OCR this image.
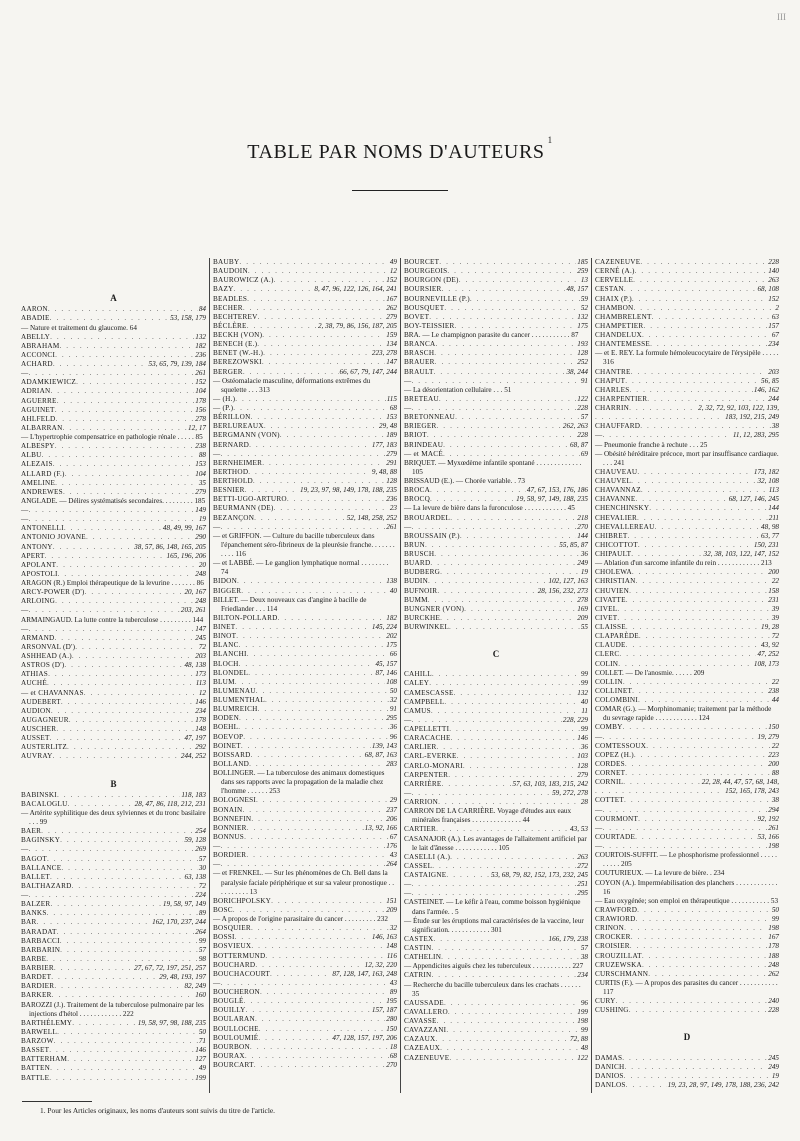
III
TABLE PAR NOMS D'AUTEURS$^1$
A
AARON . . .	84
ABADIE . . .	53, 158, 179
— Nature et traitement du glaucome. 64
ABELLY . . .	132
ABRAHAM . . .	182
ACCONCI . . .	236
ACHARD . . .	53, 65, 79, 139, 184
— . . .	261
ADAMKIEWICZ . . .	152
ADRIAN . . .	104
AGUERRE . . .	178
AGUINET . . .	156
AHLFELD . . .	278
ALBARRAN . . .	12, 17
— L'hypertrophie compensatrice en pathologie rénale . . . . . 85
ALBESPY . . .	238
ALBU . . .	88
ALEZAIS . . .	153
ALLARD (F.) . . .	104
AMELINE . . .	35
ANDREWES . . .	279
ANGLADE. — Délires systématisés secondaires. . . . . . . . . 185
— . . .	149
— . . .	19
ANTONELLI . . .	48, 49, 99, 167
ANTONIO JOVANE . . .	290
ANTONY . . .	38, 57, 86, 148, 165, 205
APERT . . .	165, 196, 206
APOLANT . . .	20
APOSTOLI . . .	248
ARAGON (R.) Emploi thérapeutique de la levurine . . . . . . . 86
ARCY-POWER (D') . . .	20, 167
ARLOING . . .	248
— . . .	203, 261
ARMAINGAUD. La lutte contre la tuberculose . . . . . . . . . 144
— . . .	147
ARMAND . . .	245
ARSONVAL (D') . . .	72
ASHHEAD (A.) . . .	203
ASTROS (D') . . .	48, 138
ATHIAS . . .	173
AUCHÉ . . .	113
— et CHAVANNAS . . .	12
AUDEBERT . . .	146
AUDION . . .	234
AUGAGNEUR . . .	178
AUSCHER . . .	148
AUSSET . . .	47, 197
AUSTERLITZ . . .	292
AUVRAY . . .	244, 252
B
BABINSKI . . .	118, 183
BACALOGLU . . .	28, 47, 86, 118, 212, 231
— Artérite syphilitique des deux sylviennes et du tronc basilaire . . . 99
BAER . . .	254
BAGINSKY . . .	59, 128
— . . .	269
BAGOT . . .	57
BALLANCE . . .	30
BALLET . . .	63, 138
BALTHAZARD . . .	72
— . . .	224
BALZER . . .	19, 58, 97, 149
BANKS . . .	89
BAR . . .	162, 170, 237, 244
BARADAT . . .	264
BARBACCI . . .	99
BARBARIN . . .	57
BARBE . . .	98
BARBIER . . .	27, 67, 72, 197, 251, 257
BARDET . . .	29, 48, 193, 197
BARDIER . . .	82, 249
BARKER . . .	160
BAROZZI (J.). Traitement de la tuberculose pulmonaire par les injections d'hétol . . . . . . . . . . . . 222
BARTHÉLEMY . . .	19, 58, 97, 98, 188, 235
BARWELL . . .	50
BARZOW . . .	71
BASSET . . .	146
BATTERHAM . . .	127
BATTEN . . .	49
BATTLE . . .	199
BAUBY . . .	49
BAUDOIN . . .	12
BAUROWICZ (A.) . . .	152
BAZY . . .	8, 47, 96, 122, 126, 164, 241
BEADLES . . .	167
BECHER . . .	262
BECHTEREV . . .	279
BÉCLÈRE . . .	2, 38, 79, 86, 156, 187, 205
BECKH (VON) . . .	159
BENECH (E.) . . .	134
BENET (W.-H.) . . .	223, 278
BEREZOWSKI . . .	147
BERGER . . .	66, 67, 79, 147, 244
— Ostéomalacie masculine, déformations extrêmes du squelette . . . 313
— (H.) . . .	115
— (P.) . . .	68
BÉRILLON . . .	153
BERLUREAUX . . .	29, 48
BERGMANN (VON) . . .	189
BERNARD . . .	177, 183
— . . .	279
BERNHEIMER . . .	291
BERTHOD . . .	9, 48, 88
BERTHOLD . . .	128
BESNIER . . .	19, 23, 97, 98, 149, 178, 188, 235
BETTI-UGO-ARTURO . . .	236
BEURMANN (DE) . . .	23
BEZANÇON . . .	52, 148, 258, 252
— . . .	261
— et GRIFFON. — Culture du bacille tuberculeux dans l'épanchement séro-fibrineux de la pleurésie franche. . . . . . . . . . . 116
— et LABBÉ. — Le ganglion lymphatique normal . . . . . . . . 74
BIDON . . .	138
BIGGER . . .	40
BILLET. — Deux nouveaux cas d'angine à bacille de Friedlander . . . 114
BILTON-POLLARD . . .	182
BINET . . .	145, 224
BINOT . . .	202
BLANC . . .	175
BLANCHI . . .	66
BLOCH . . .	45, 157
BLONDEL . . .	87, 146
BLUM . . .	108
BLUMENAU . . .	50
BLUMENTHAL . . .	32
BLUMREICH . . .	91
BODEN . . .	295
BOEHL . . .	36
BOEVOP . . .	96
BOINET . . .	139, 143
BOISSARD . . .	68, 87, 163
BOLLAND . . .	283
BOLLINGER. — La tuberculose des animaux domestiques dans ses rapports avec la propagation de la maladie chez l'homme . . . . . . 253
BOLOGNESI . . .	29
BONAIN . . .	237
BONNEFIN . . .	206
BONNIER . . .	13, 92, 166
BONNUS . . .	67
— . . .	176
BORDIER . . .	43
— . . .	264
— et FRENKEL. — Sur les phénomènes de Ch. Bell dans la paralysie faciale périphérique et sur sa valeur pronostique . . . . . . . . . . 13
BORICHPOLSKY . . .	151
BOSC . . .	209
— A propos de l'origine parasitaire du cancer . . . . . . . . . 232
BOSQUIER . . .	32
BOSSI . . .	146, 163
BOSVIEUX . . .	148
BOTTERMUND . . .	116
BOUCHARD . . .	12, 32, 220
BOUCHACOURT . . .	87, 128, 147, 163, 248
— . . .	43
BOUCHERON . . .	89
BOUGLÉ . . .	195
BOUILLY . . .	157, 187
BOULARAN . . .	280
BOULLOCHE . . .	150
BOULOUMIÉ . . .	47, 128, 157, 197, 206
BOURBON . . .	18
BOURAX . . .	68
BOURCART . . .	270
BOURCET . . .	185
BOURGEOIS . . .	259
BOURGON (DE) . . .	13
BOURSIER . . .	48, 157
BOURNEVILLE (P.) . . .	59
BOUSQUET . . .	52
BOVET . . .	132
BOY-TEISSIER . . .	175
BRA. — Le champignon parasite du cancer . . . . . . . . . . . 87
BRANCA . . .	193
BRASCH . . .	128
BRAUER . . .	252
BRAULT . . .	38, 244
— . . .	91
— La désorientation cellulaire . . . 51
BRETEAU . . .	122
— . . .	228
BRETONNEAU . . .	57
BRIEGER . . .	262, 263
BRIOT . . .	228
BRINDEAU . . .	68, 87
— et MACÉ . . .	69
BRIQUET. — Myxœdème infantile spontané . . . . . . . . . . . . . 105
BRISSAUD (E.). — Chorée variable. . 73
BROCA . . .	47, 67, 153, 176, 186
BROCQ . . .	19, 58, 97, 149, 188, 235
— La levure de bière dans la furonculose . . . . . . . . . . . . 45
BROUARDEL . . .	218
— . . .	270
BROUSSAIN (P.) . . .	144
BRUN . . .	55, 85, 87
BRUSCH . . .	36
BUARD . . .	249
BUDBERG . . .	19
BUDIN . . .	102, 127, 163
BUFNOIR . . .	28, 156, 232, 273
BUMM . . .	278
BUNGNER (VON) . . .	169
BURCKHE . . .	209
BURWINKEL . . .	55
C
CAHILL . . .	99
CALEY . . .	99
CAMESCASSE . . .	132
CAMPBELL . . .	40
CAMUS . . .	11
— . . .	228, 229
CAPELLETTI . . .	99
CARACACHE . . .	146
CARLIER . . .	36
CARL-EVERKE . . .	103
CARLO-MONARI . . .	128
CARPENTER . . .	279
CARRIÈRE . . .	57, 63, 103, 183, 215, 242
— . . .	59, 272, 278
CARRION . . .	28
CARRON DE LA CARRIÈRE. Voyage d'études aux eaux minérales françaises . . . . . . . . . . . . . . 44
CARTIER . . .	43, 53
CASANAJOR (A.). Les avantages de l'allaitement artificiel par le lait d'ânesse . . . . . . . . . . . . 105
CASELLI (A.) . . .	263
CASSEL . . .	272
CASTAIGNE . . .	53, 68, 79, 82, 152, 173, 232, 245
— . . .	251
— . . .	295
CASTEINET. — Le kéfir à l'eau, comme boisson hygiénique dans l'armée. . 5
— Étude sur les éruptions mal caractérisées de la vaccine, leur signification. . . . . . . . . . . . 301
CASTEX . . .	166, 179, 238
CASTIN . . .	57
CATHELIN . . .	38
— Appendicites aiguës chez les tuberculeux . . . . . . . . . . . 227
CATRIN . . .	234
— Recherche du bacille tuberculeux dans les crachats . . . . . . 35
CAUSSADE . . .	96
CAVALLERO . . .	199
CAVASSE . . .	198
CAVAZZANI . . .	99
CAZAUX . . .	72, 88
CAZEAUX . . .	48
CAZENEUVE . . .	122
CAZENEUVE . . .	228
CERNÉ (A.) . . .	140
CERVELLE . . .	263
CESTAN . . .	68, 108
CHAIX (P.) . . .	152
CHAMBON . . .	2
CHAMBRELENT . . .	63
CHAMPETIER . . .	157
CHANDELUX . . .	67
CHANTEMESSE . . .	234
— et E. REY. La formule hémoleucocytaire de l'érysipèle . . . . . 316
CHANTRE . . .	203
CHAPUT . . .	56, 85
CHARLES . . .	146, 162
CHARPENTIER . . .	244
CHARRIN . . .	2, 32, 72, 92, 103, 122, 139,
. . .
183, 192, 215, 249
CHAUFFARD . . .	38
— . . .	11, 12, 283, 295
— Pneumonie franche à rechute . . . 25
— Obésité héréditaire précoce, mort par insuffisance cardiaque. . . . 241
CHAUVEAU . . .	173, 182
CHAUVEL . . .	32, 108
CHAVANNAZ . . .	113
CHAVANNE . . .	68, 127, 146, 245
CHENCHINSKY . . .	144
CHEVALIER . . .	211
CHEVALLEREAU . . .	48, 98
CHIBRET . . .	63, 77
CHICOTTOT . . .	150, 231
CHIPAULT . . .	32, 38, 103, 122, 147, 152
— Ablation d'un sarcome infantile du rein . . . . . . . . . . . . 213
CHOLEWA . . .	200
CHRISTIAN . . .	22
CHUVIEN . . .	158
CIVATTE . . .	231
CIVEL . . .	39
CIVET . . .	39
CLAISSE . . .	19, 28
CLAPARÈDE . . .	72
CLAUDE . . .	43, 92
CLERC . . .	47, 252
COLIN . . .	108, 173
COLLET. — De l'anosmie. . . . . . 209
COLLIN . . .	22
COLLINET . . .	238
COLOMBINI . . .	44
COMAR (G.). — Morphinomanie; traitement par la méthode du sevrage rapide . . . . . . . . . . . . 124
COMBY . . .	150
— . . .	19, 279
COMTESSOUX . . .	22
COPEZ (H.) . . .	223
CORDES . . .	200
CORNET . . .	88
CORNIL . . .	22, 28, 44, 47, 57, 68, 148,
. . .
152, 165, 178, 243
COTTET . . .	38
— . . .	294
COURMONT . . .	92, 192
— . . .	261
COURTADE . . .	53, 166
— . . .	198
COURTOIS-SUFFIT. — Le phosphorisme professionnel . . . . . . . . . . 205
COUTURIEUX. — La levure de bière. . 234
COYON (A.). Imperméabilisation des planchers . . . . . . . . . . . . 16
— Eau oxygénée; son emploi en thérapeutique . . . . . . . . . . . 53
CRAWFORD . . .	50
CRAWIORD . . .	99
CRINON . . .	198
CROCKER . . .	167
CROISIER . . .	178
CROUZILLAT . . .	188
CRUZEWSKA . . .	248
CURSCHMANN . . .	262
CURTIS (F.). — A propos des parasites du cancer . . . . . . . . . . . 117
CURY . . .	240
CUSHING . . .	228
D
DAMAS . . .	245
DANICH . . .	249
DANIOS . . .	19
DANLOS . . .	19, 23, 28, 97, 149, 178, 188, 236, 242
1. Pour les Articles originaux, les noms d'auteurs sont suivis du titre de l'article.
